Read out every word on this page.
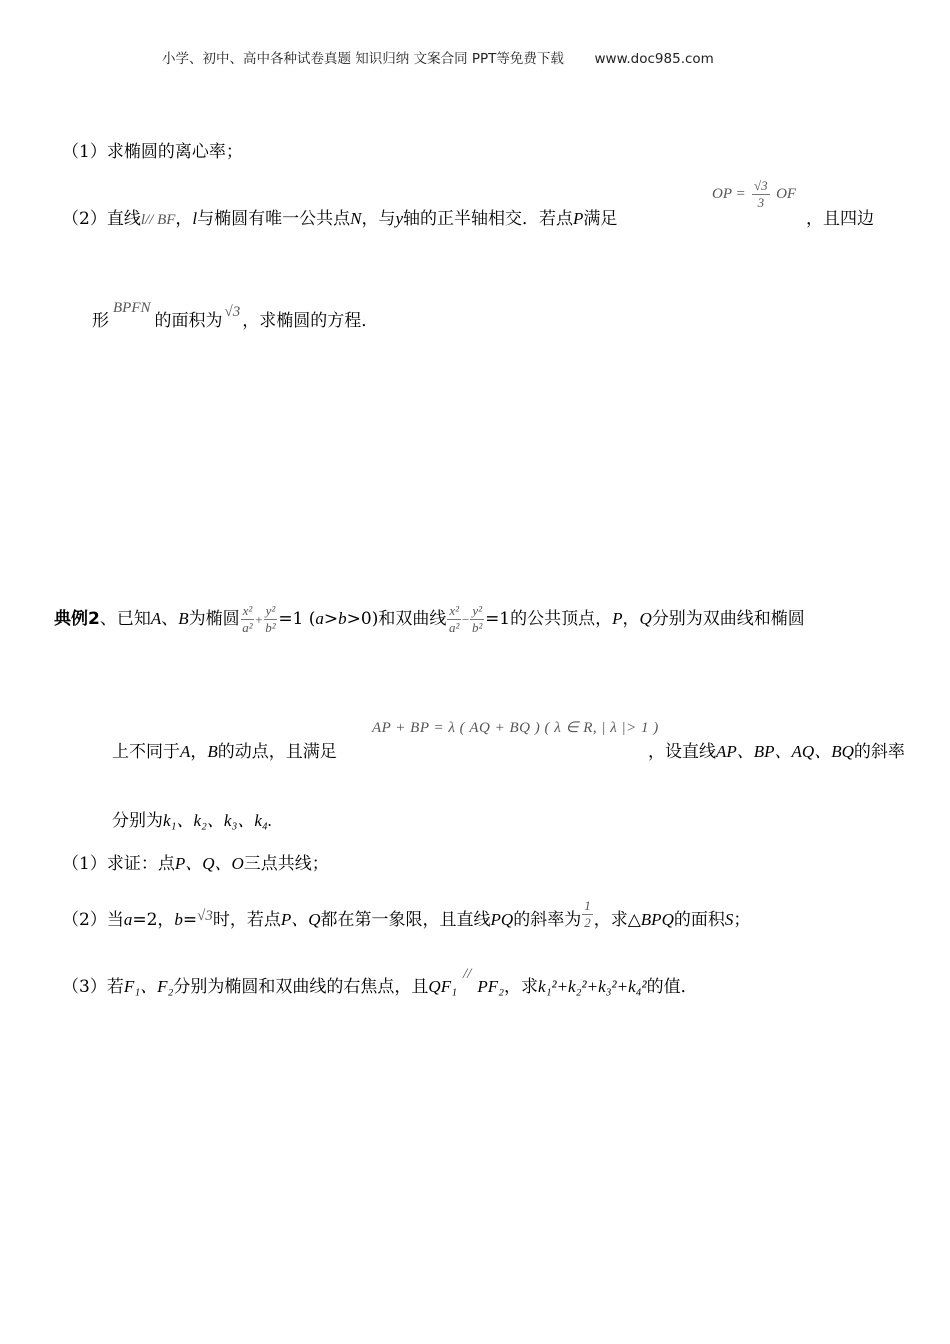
小学、初中、高中各种试卷真题 知识归纳 文案合同 PPT等免费下载 www.doc985.com
（1）求椭圆的离心率；
（2）直线l// BF，l与椭圆有唯一公共点N，与y轴的正半轴相交．若点P满足
OP = $\frac{√3}{3}$ OF
，且四边
形BPFN的面积为 √3 ，求椭圆的方程．
典例2、已知A、B为椭圆 $\frac{\text{x²}}{\text{a²}} + \frac{\text{y²}}{\text{b²}} =1$ (a>b>0)和双曲线 $\frac{\text{x²}}{\text{a²}} - \frac{\text{y²}}{\text{b²}} =1$的公共顶点，P，Q分别为双曲线和椭圆
上不同于A，B的动点，且满足
AP + BP = λ ( AQ + BQ ) ( λ ∈ R, | λ |> 1 )
，设直线AP、BP、AQ、BQ的斜率
分别为k₁、k₂、k₃、k₄.
（1）求证：点P、Q、O三点共线；
（2）当a=2，b=√3时，若点P、Q都在第一象限，且直线PQ的斜率为 $\frac{1}{2}$ ，求△BPQ的面积S；
（3）若F₁、F₂分别为椭圆和双曲线的右焦点，且QF₁//PF₂，求k₁²+k₂²+k₃²+k₄²的值．
